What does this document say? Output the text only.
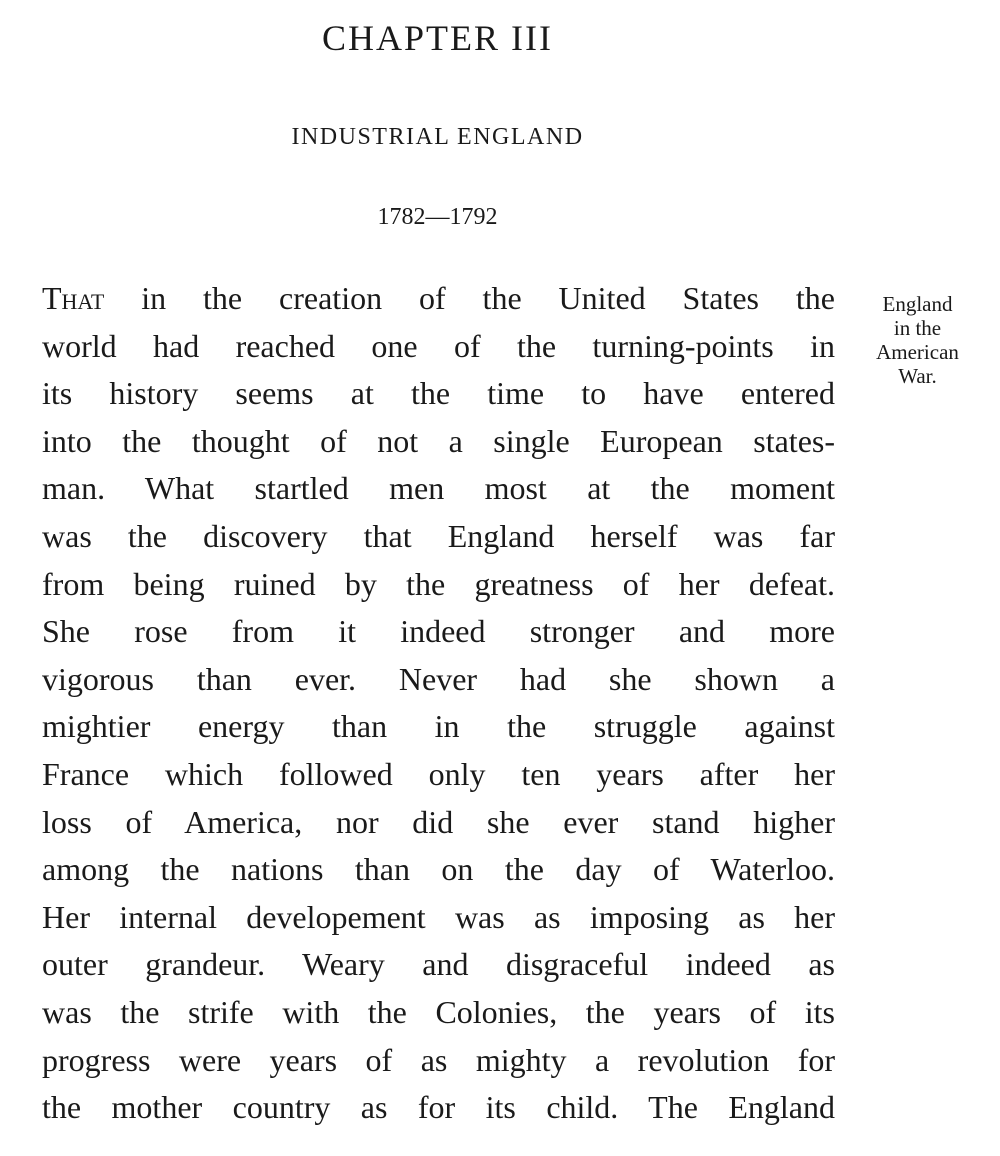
CHAPTER III
INDUSTRIAL ENGLAND
1782—1792
That in the creation of the United States the
world had reached one of the turning-points in
its history seems at the time to have entered
into the thought of not a single European states-
man. What startled men most at the moment
was the discovery that England herself was far
from being ruined by the greatness of her defeat.
She rose from it indeed stronger and more
vigorous than ever. Never had she shown a
mightier energy than in the struggle against
France which followed only ten years after her
loss of America, nor did she ever stand higher
among the nations than on the day of Waterloo.
Her internal developement was as imposing as her
outer grandeur. Weary and disgraceful indeed as
was the strife with the Colonies, the years of its
progress were years of as mighty a revolution for
the mother country as for its child. The England
England
in the
American
War.
